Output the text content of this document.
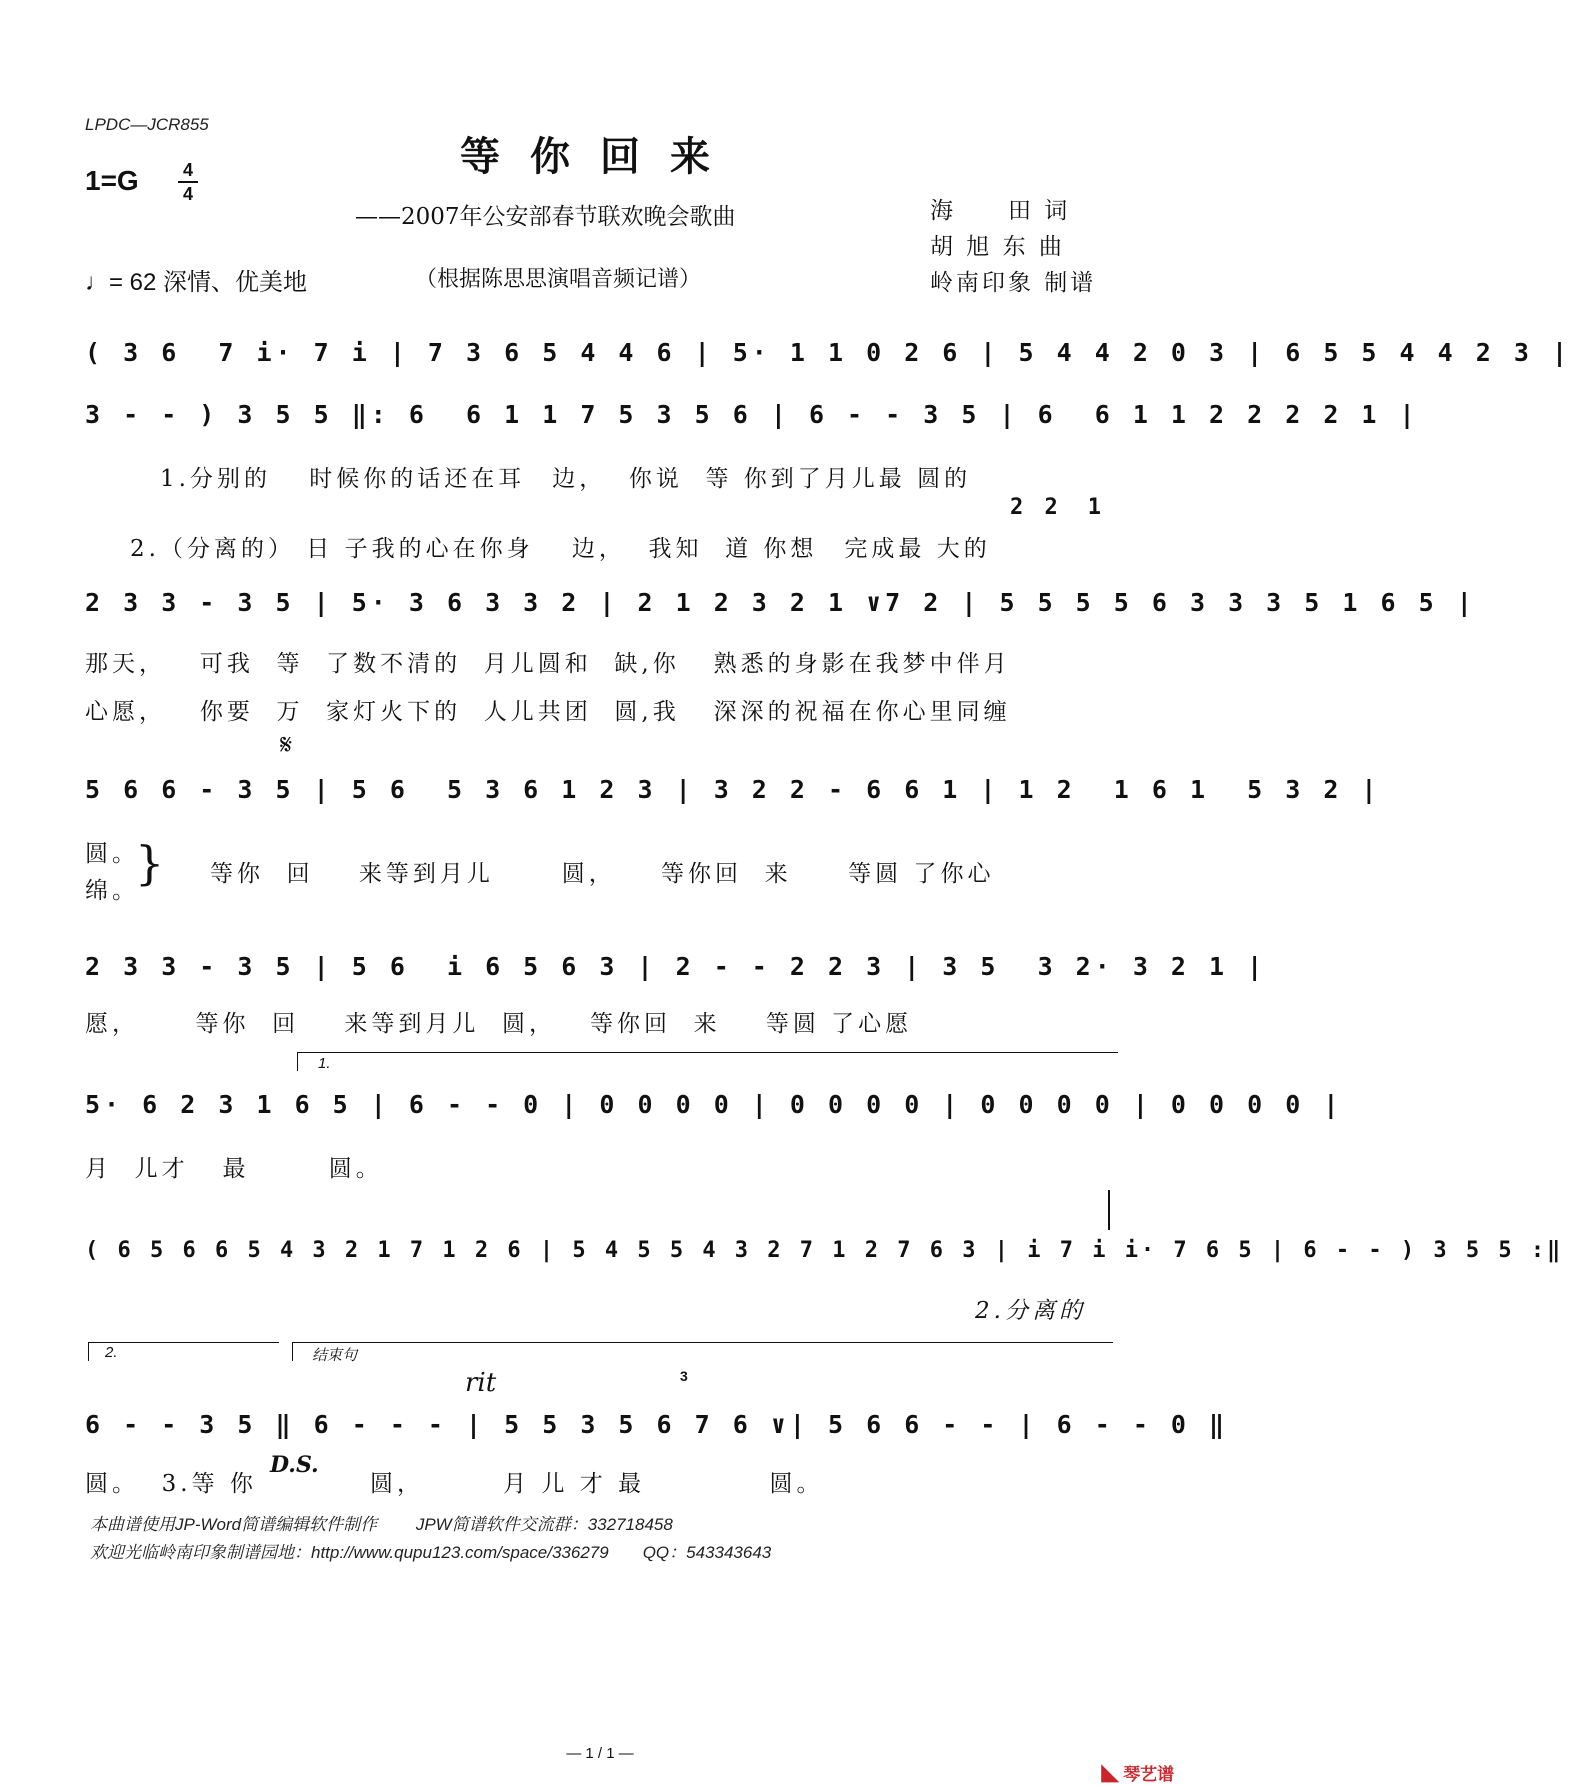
LPDC—JCR855
等你回来
1=G 4
4
——2007年公安部春节联欢晚会歌曲
♩= 62 深情、优美地	（根据陈思思演唱音频记谱）
海　　田 词
胡 旭 东 曲
岭南印象 制谱
( 3 6  7 i· 7 i | 7 3 6 5 4 4 6 | 5· 1 1 0 2 6 | 5 4 4 2 0 3 | 6 5 5 4 4 2 3 |
3 - - ) 3 5 5 ‖: 6  6 1 1 7 5 3 5 6 | 6 - - 3 5 | 6  6 1 1 2 2 2 2 1 |
1.分别的　 时候你的话还在耳　边，  你说  等 你到了月儿最 圆的
2 2　1
2.（分离的） 日 子我的心在你身　 边，  我知  道 你想　完成最 大的
2 3 3 - 3 5 | 5· 3 6 3 3 2 | 2 1 2 3 2 1 ∨7 2 | 5 5 5 5 6 3 3 3 5 1 6 5 |
那天，   可我  等  了数不清的  月儿圆和  缺,你   熟悉的身影在我梦中伴月
心愿，   你要  万  家灯火下的  人儿共团  圆,我   深深的祝福在你心里同缠
𝄋
5 6 6 - 3 5 | 5 6  5 3 6 1 2 3 | 3 2 2 - 6 6 1 | 1 2  1 6 1  5 3 2 |
圆。
绵。
} 等你  回    来等到月儿      圆，    等你回  来     等圆 了你心
2 3 3 - 3 5 | 5 6  i 6 5 6 3 | 2 - - 2 2 3 | 3 5  3 2· 3 2 1 |
愿，     等你  回    来等到月儿  圆，   等你回  来    等圆 了心愿
1.
5· 6 2 3 1 6 5 | 6 - - 0 | 0 0 0 0 | 0 0 0 0 | 0 0 0 0 | 0 0 0 0 |
月  儿才   最       圆。
( 6 5 6 6 5 4 3 2 1 7 1 2 6 | 5 4 5 5 4 3 2 7 1 2 7 6 3 | i 7 i i· 7 6 5 | 6 - - ) 3 5 5 :‖
2.分离的
2.	结束句
rit	3
6 - - 3 5 ‖ 6 - - - | 5 5 3 5 6 7 6 ∨| 5 6 6 - - | 6 - - 0 ‖
D.S.
圆。  3.等 你          圆，       月 儿 才 最           圆。
本曲谱使用JP-Word简谱编辑软件制作　　 JPW简谱软件交流群：332718458
欢迎光临岭南印象制谱园地：http://www.qupu123.com/space/336279　　QQ：543343643
— 1 / 1 —

◣ 琴艺谱
